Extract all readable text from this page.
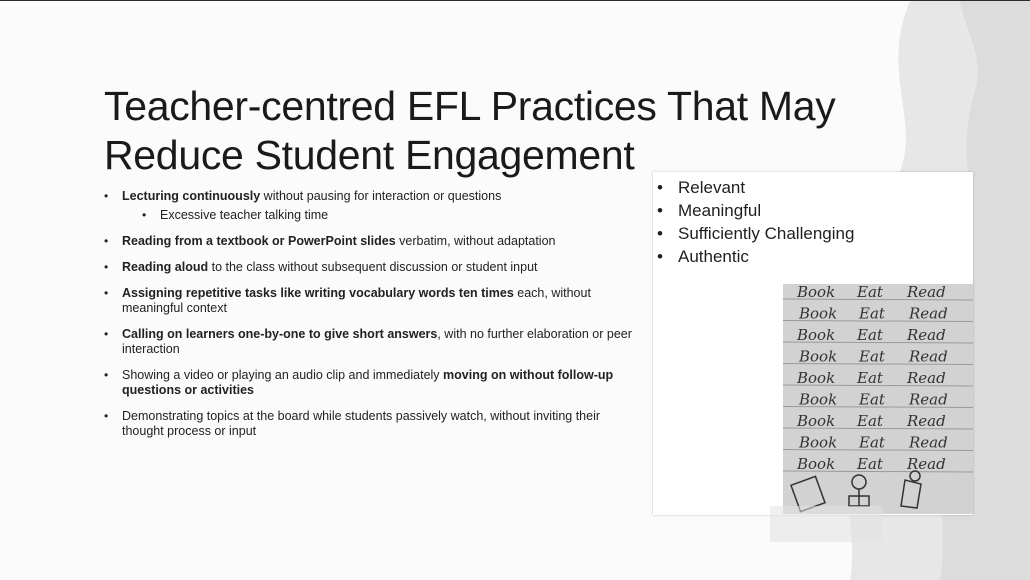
Teacher-centred EFL Practices That May
Reduce Student Engagement
• Lecturing continuously without pausing for interaction or questions
• Excessive teacher talking time
• Reading from a textbook or PowerPoint slides verbatim, without adaptation
• Reading aloud to the class without subsequent discussion or student input
• Assigning repetitive tasks like writing vocabulary words ten times each, without meaningful context
• Calling on learners one-by-one to give short answers, with no further elaboration or peer interaction
• Showing a video or playing an audio clip and immediately moving on without follow-up questions or activities
• Demonstrating topics at the board while students passively watch, without inviting their thought process or input
• Relevant
• Meaningful
• Sufficiently Challenging
• Authentic
Book Eat Read
Book Eat Read
Book Eat Read
Book Eat Read
Book Eat Read
Book Eat Read
Book Eat Read
Book Eat Read
Book Eat Read
